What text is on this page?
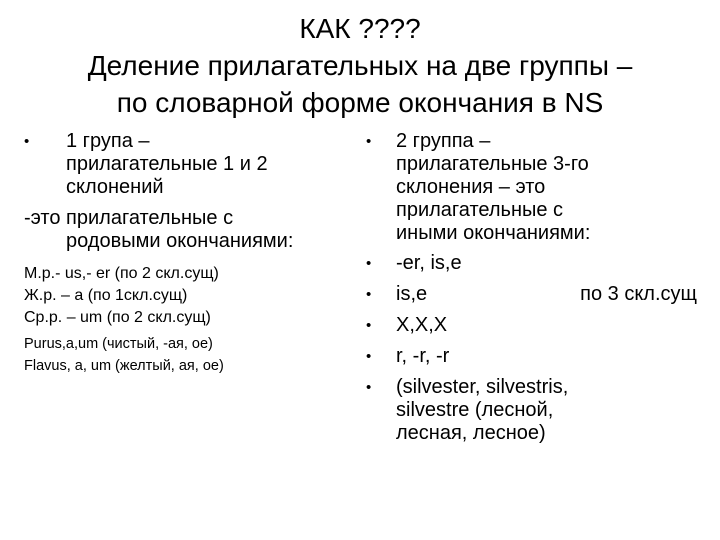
КАК ????
Деление прилагательных на две группы –
по словарной форме окончания в NS
• 1 група –
прилагательные 1 и 2
склонений
-это прилагательные с
родовыми окончаниями:
М.р.- us,- er (по 2 скл.сущ)
Ж.р. – а (по 1скл.сущ)
Ср.р. – um (по 2 скл.сущ)
Purus,a,um (чистый, -ая, ое)
Flavus, a, um (желтый, ая, ое)
• 2 группа –
прилагательные 3-го
склонения – это
прилагательные с
иными окончаниями:
•	-er, is,e
• is,e	по 3 скл.сущ
•	X,X,X
•	r, -r, -r
• (silvester, silvestris,
silvestre (лесной,
лесная, лесное)
